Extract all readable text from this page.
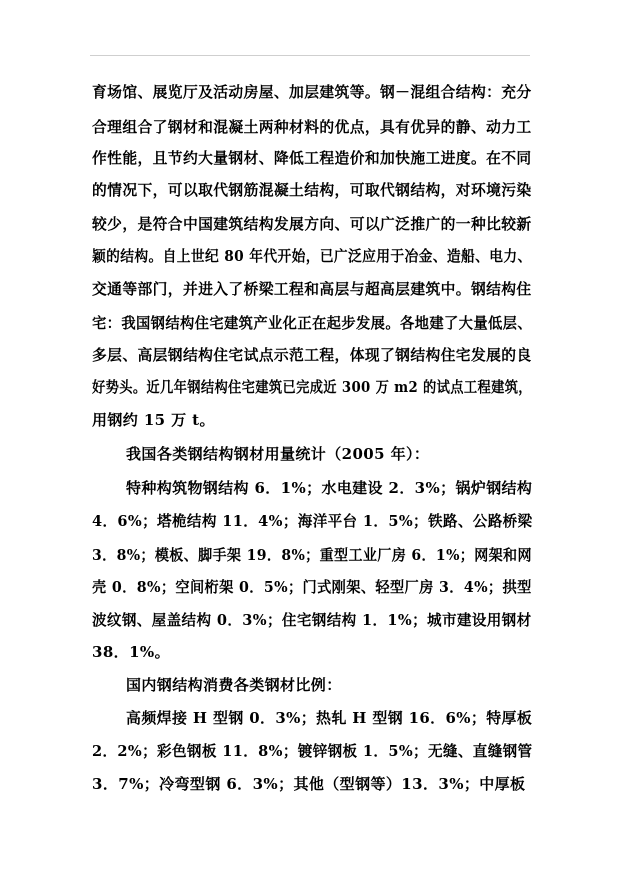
育场馆、展览厅及活动房屋、加层建筑等。钢－混组合结构：充分
合理组合了钢材和混凝土两种材料的优点，具有优异的静、动力工
作性能，且节约大量钢材、降低工程造价和加快施工进度。在不同
的情况下，可以取代钢筋混凝土结构，可取代钢结构，对环境污染
较少，是符合中国建筑结构发展方向、可以广泛推广的一种比较新
颖的结构。自上世纪 80 年代开始，已广泛应用于冶金、造船、电力、
交通等部门，并进入了桥梁工程和高层与超高层建筑中。钢结构住
宅：我国钢结构住宅建筑产业化正在起步发展。各地建了大量低层、
多层、高层钢结构住宅试点示范工程，体现了钢结构住宅发展的良
好势头。近几年钢结构住宅建筑已完成近 300 万 m2 的试点工程建筑，
用钢约 15 万 t。
我国各类钢结构钢材用量统计（2005 年）：
特种构筑物钢结构 6．1%；水电建设 2．3%；锅炉钢结构
4．6%；塔桅结构 11．4%；海洋平台 1．5%；铁路、公路桥梁
3．8%；模板、脚手架 19．8%；重型工业厂房 6．1%；网架和网
壳 0．8%；空间桁架 0．5%；门式刚架、轻型厂房 3．4%；拱型
波纹钢、屋盖结构 0．3%；住宅钢结构 1．1%；城市建设用钢材
38．1%。
国内钢结构消费各类钢材比例：
高频焊接 H 型钢 0．3%；热轧 H 型钢 16．6%；特厚板
2．2%；彩色钢板 11．8%；镀锌钢板 1．5%；无缝、直缝钢管
3．7%；冷弯型钢 6．3%；其他（型钢等）13．3%；中厚板
